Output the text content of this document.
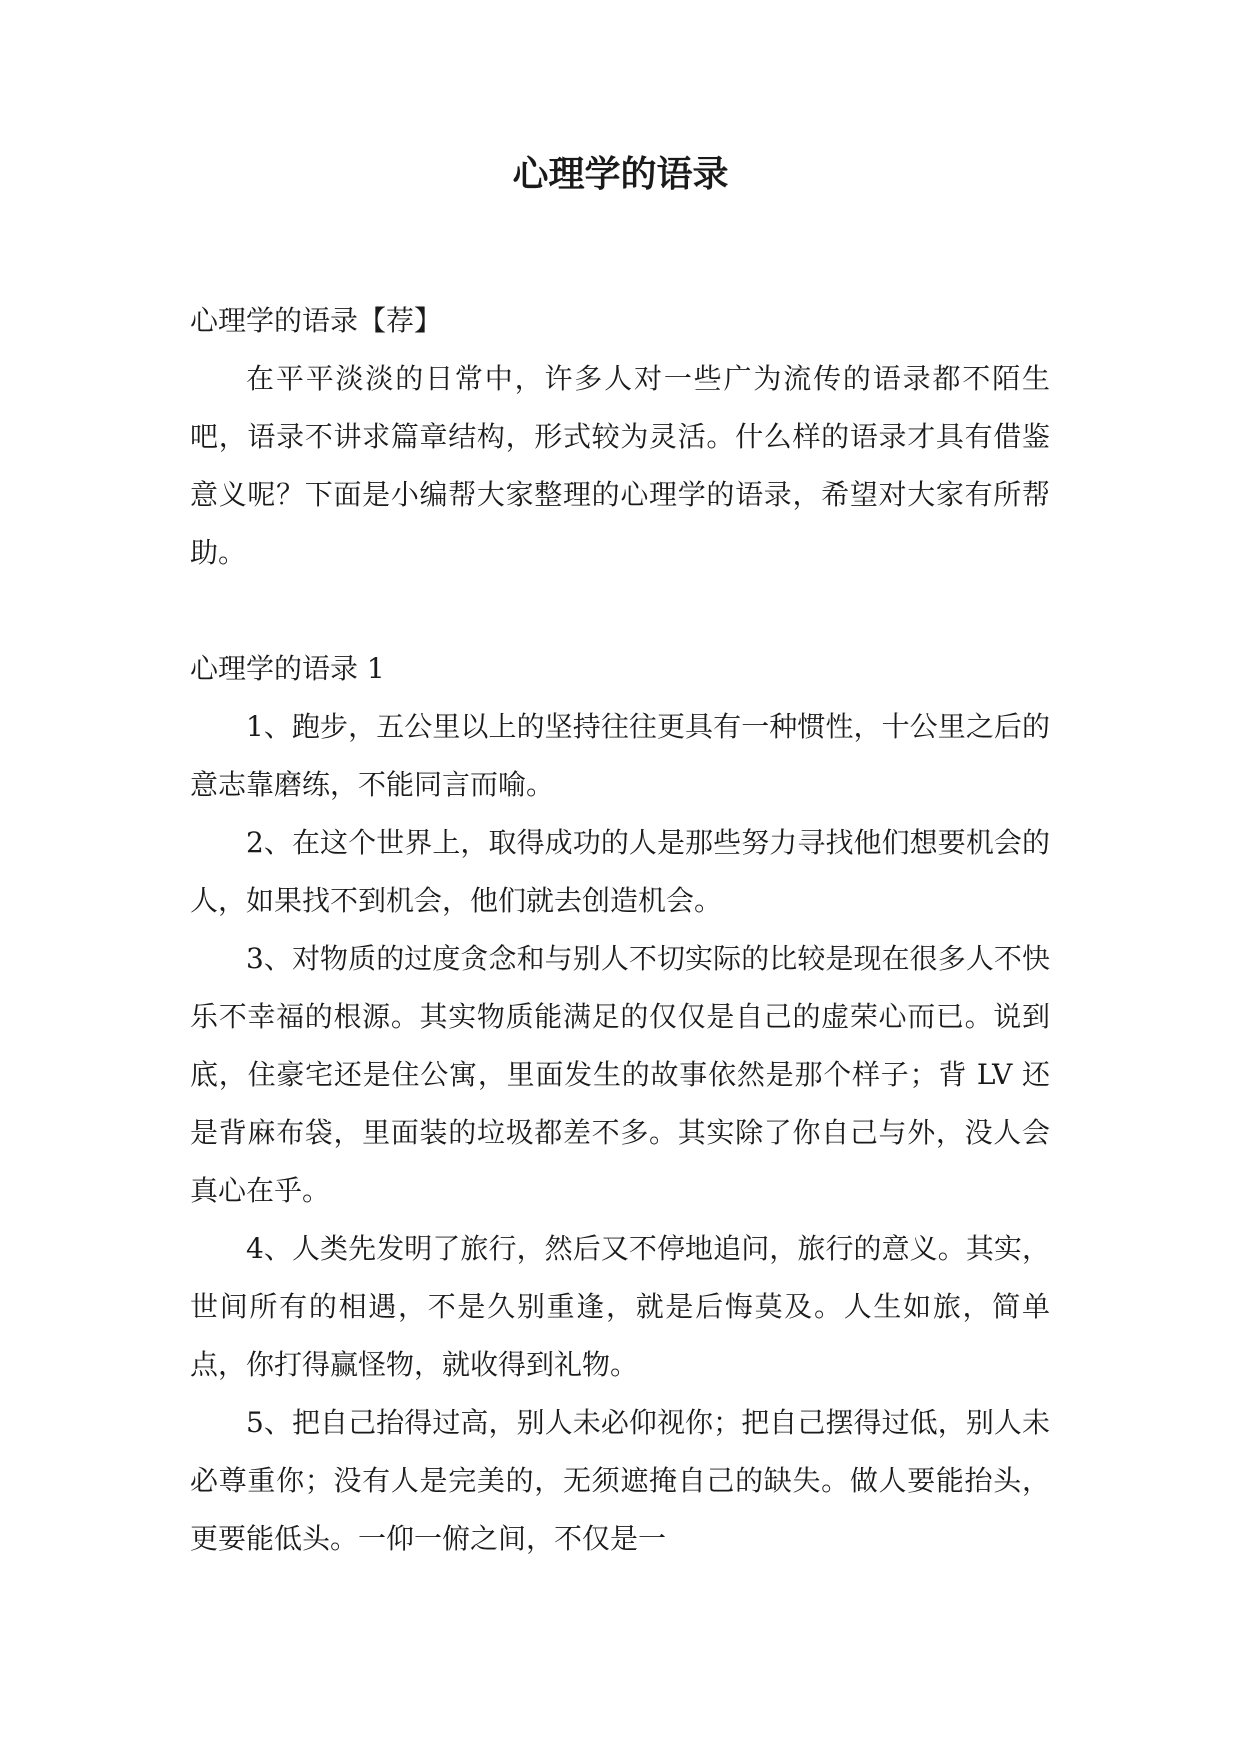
心理学的语录

心理学的语录【荐】

在平平淡淡的日常中，许多人对一些广为流传的语录都不陌生吧，语录不讲求篇章结构，形式较为灵活。什么样的语录才具有借鉴意义呢？下面是小编帮大家整理的心理学的语录，希望对大家有所帮助。

心理学的语录 1

1、跑步，五公里以上的坚持往往更具有一种惯性，十公里之后的意志靠磨练，不能同言而喻。

2、在这个世界上，取得成功的人是那些努力寻找他们想要机会的人，如果找不到机会，他们就去创造机会。

3、对物质的过度贪念和与别人不切实际的比较是现在很多人不快乐不幸福的根源。其实物质能满足的仅仅是自己的虚荣心而已。说到底，住豪宅还是住公寓，里面发生的故事依然是那个样子；背 LV 还是背麻布袋，里面装的垃圾都差不多。其实除了你自己与外，没人会真心在乎。

4、人类先发明了旅行，然后又不停地追问，旅行的意义。其实，世间所有的相遇，不是久别重逢，就是后悔莫及。人生如旅，简单点，你打得赢怪物，就收得到礼物。

5、把自己抬得过高，别人未必仰视你；把自己摆得过低，别人未必尊重你；没有人是完美的，无须遮掩自己的缺失。做人要能抬头，更要能低头。一仰一俯之间，不仅是一
